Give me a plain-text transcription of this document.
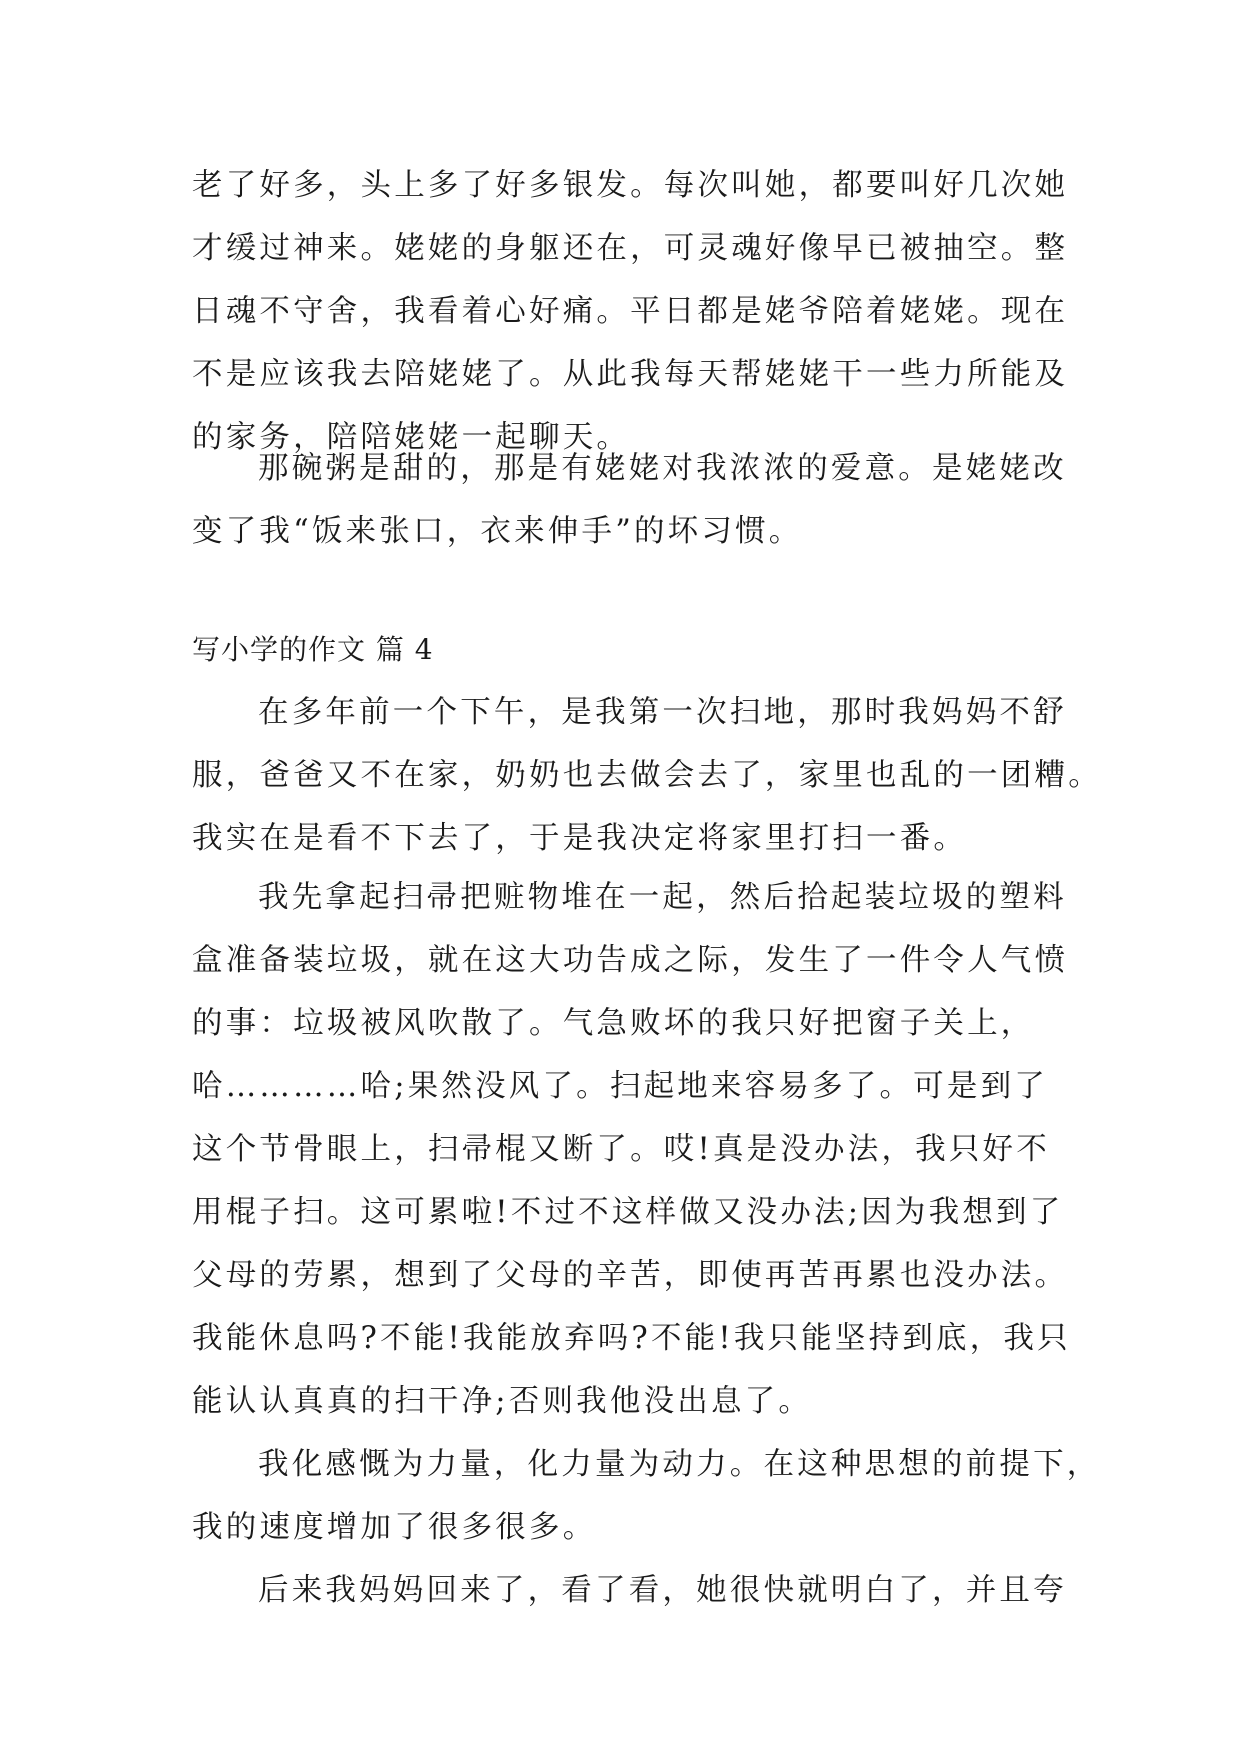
老了好多，头上多了好多银发。每次叫她，都要叫好几次她
才缓过神来。姥姥的身躯还在，可灵魂好像早已被抽空。整
日魂不守舍，我看着心好痛。平日都是姥爷陪着姥姥。现在
不是应该我去陪姥姥了。从此我每天帮姥姥干一些力所能及
的家务，陪陪姥姥一起聊天。
那碗粥是甜的，那是有姥姥对我浓浓的爱意。是姥姥改
变了我“饭来张口，衣来伸手”的坏习惯。
写小学的作文 篇 4
在多年前一个下午，是我第一次扫地，那时我妈妈不舒
服，爸爸又不在家，奶奶也去做会去了，家里也乱的一团糟。
我实在是看不下去了，于是我决定将家里打扫一番。
我先拿起扫帚把赃物堆在一起，然后拾起装垃圾的塑料
盒准备装垃圾，就在这大功告成之际，发生了一件令人气愤
的事：垃圾被风吹散了。气急败坏的我只好把窗子关上，
哈…………哈;果然没风了。扫起地来容易多了。可是到了
这个节骨眼上，扫帚棍又断了。哎!真是没办法，我只好不
用棍子扫。这可累啦!不过不这样做又没办法;因为我想到了
父母的劳累，想到了父母的辛苦，即使再苦再累也没办法。
我能休息吗?不能!我能放弃吗?不能!我只能坚持到底，我只
能认认真真的扫干净;否则我他没出息了。
我化感慨为力量，化力量为动力。在这种思想的前提下，
我的速度增加了很多很多。
后来我妈妈回来了，看了看，她很快就明白了，并且夸
